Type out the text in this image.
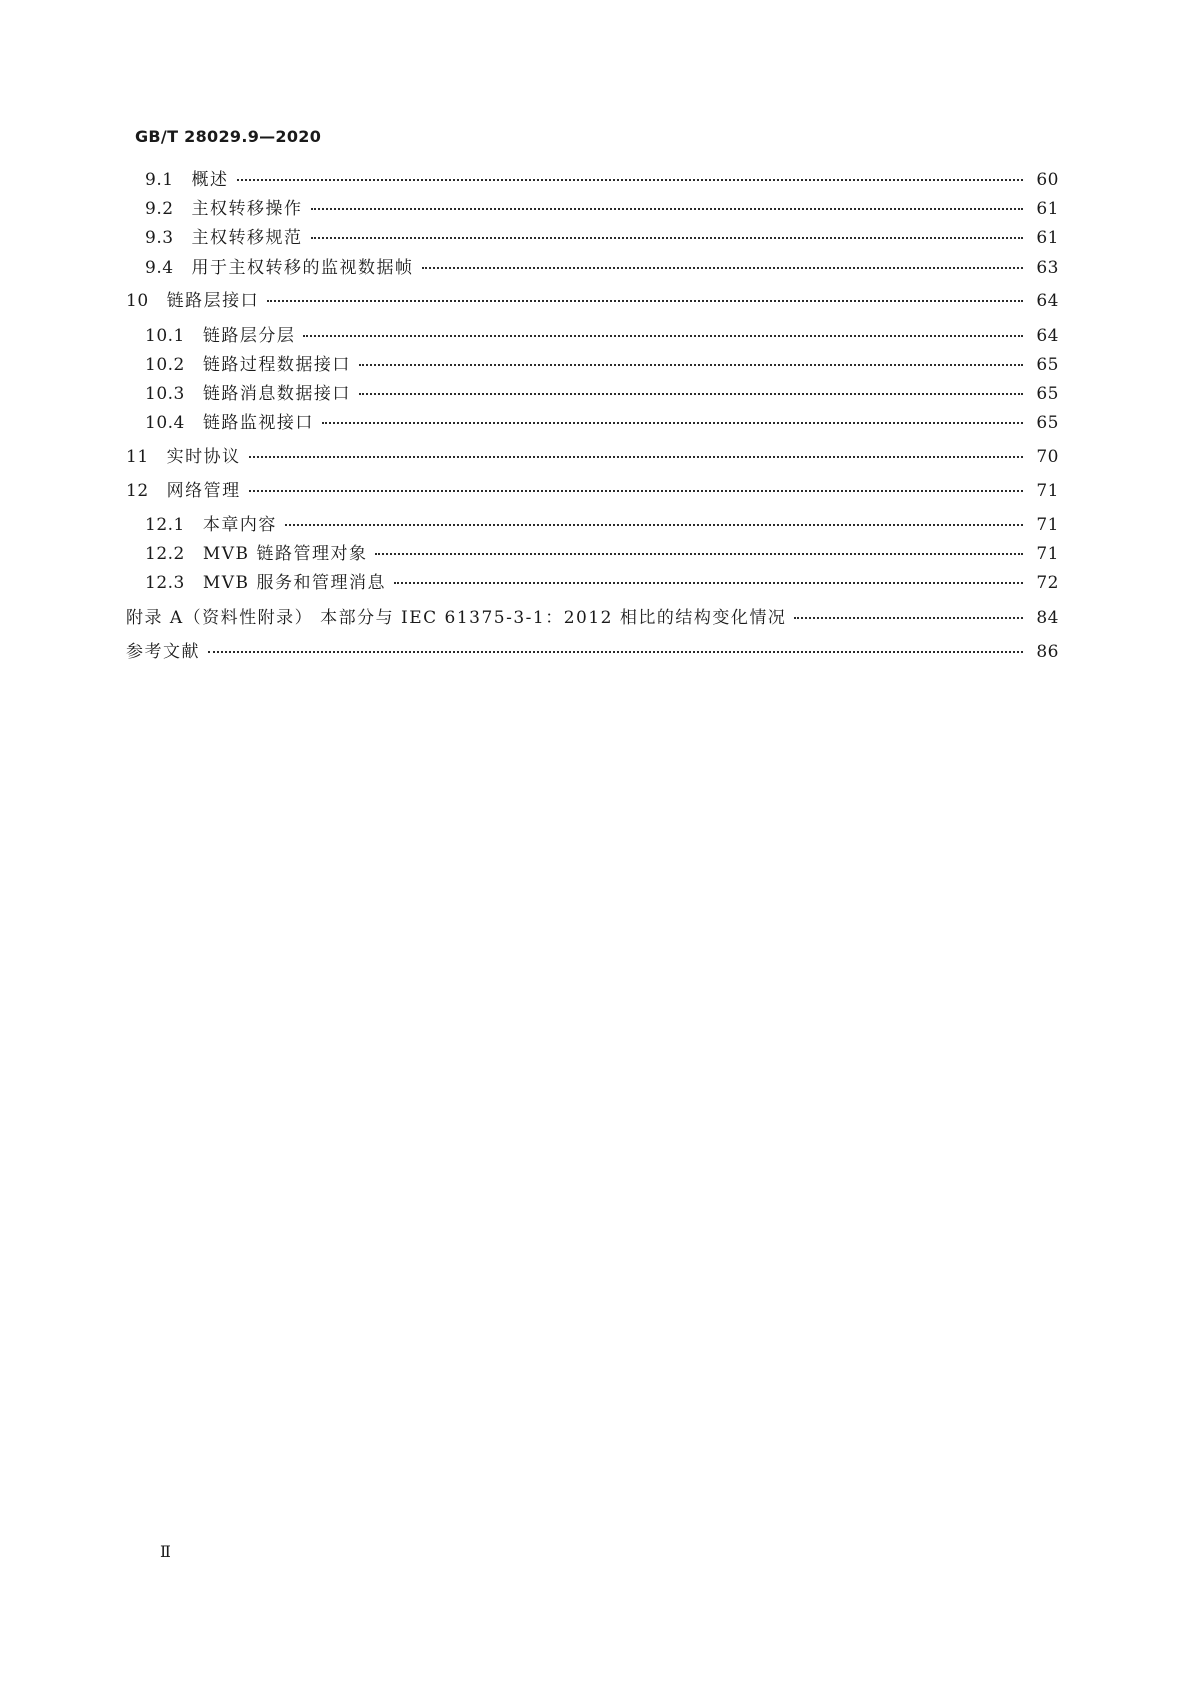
GB/T 28029.9—2020
9.1 概述	60
9.2 主权转移操作	61
9.3 主权转移规范	61
9.4 用于主权转移的监视数据帧	63
10 链路层接口	64
10.1 链路层分层	64
10.2 链路过程数据接口	65
10.3 链路消息数据接口	65
10.4 链路监视接口	65
11 实时协议	70
12 网络管理	71
12.1 本章内容	71
12.2 MVB 链路管理对象	71
12.3 MVB 服务和管理消息	72
附录 A（资料性附录） 本部分与 IEC 61375-3-1：2012 相比的结构变化情况	84
参考文献	86
Ⅱ
